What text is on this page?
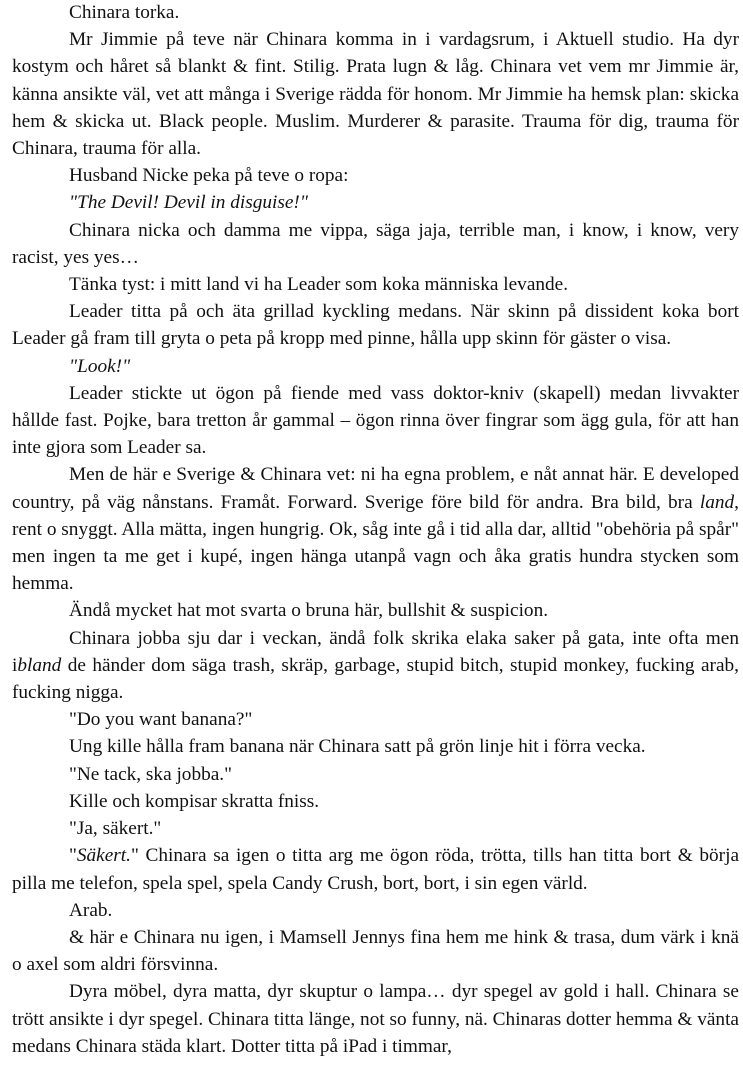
Chinara torka.

Mr Jimmie på teve när Chinara komma in i vardagsrum, i Aktuell studio. Ha dyr kostym och håret så blankt & fint. Stilig. Prata lugn & låg. Chinara vet vem mr Jimmie är, känna ansikte väl, vet att många i Sverige rädda för honom. Mr Jimmie ha hemsk plan: skicka hem & skicka ut. Black people. Muslim. Murderer & parasite. Trauma för dig, trauma för Chinara, trauma för alla.

Husband Nicke peka på teve o ropa:

"The Devil! Devil in disguise!"

Chinara nicka och damma me vippa, säga jaja, terrible man, i know, i know, very racist, yes yes…

Tänka tyst: i mitt land vi ha Leader som koka människa levande.

Leader titta på och äta grillad kyckling medans. När skinn på dissident koka bort Leader gå fram till gryta o peta på kropp med pinne, hålla upp skinn för gäster o visa.

"Look!"

Leader stickte ut ögon på fiende med vass doktor-kniv (skapell) medan livvakter hållde fast. Pojke, bara tretton år gammal – ögon rinna över fingrar som ägg gula, för att han inte gjora som Leader sa.

Men de här e Sverige & Chinara vet: ni ha egna problem, e nåt annat här. E developed country, på väg nånstans. Framåt. Forward. Sverige före bild för andra. Bra bild, bra land, rent o snyggt. Alla mätta, ingen hungrig. Ok, såg inte gå i tid alla dar, alltid "obehöria på spår" men ingen ta me get i kupé, ingen hänga utanpå vagn och åka gratis hundra stycken som hemma.

Ändå mycket hat mot svarta o bruna här, bullshit & suspicion.

Chinara jobba sju dar i veckan, ändå folk skrika elaka saker på gata, inte ofta men ibland de händer dom säga trash, skräp, garbage, stupid bitch, stupid monkey, fucking arab, fucking nigga.

"Do you want banana?"

Ung kille hålla fram banana när Chinara satt på grön linje hit i förra vecka.

"Ne tack, ska jobba."

Kille och kompisar skratta fniss.

"Ja, säkert."

"Säkert." Chinara sa igen o titta arg me ögon röda, trötta, tills han titta bort & börja pilla me telefon, spela spel, spela Candy Crush, bort, bort, i sin egen värld.

Arab.

& här e Chinara nu igen, i Mamsell Jennys fina hem me hink & trasa, dum värk i knä o axel som aldri försvinna.

Dyra möbel, dyra matta, dyr skuptur o lampa… dyr spegel av gold i hall. Chinara se trött ansikte i dyr spegel. Chinara titta länge, not so funny, nä. Chinaras dotter hemma & vänta medans Chinara städa klart. Dotter titta på iPad i timmar,
